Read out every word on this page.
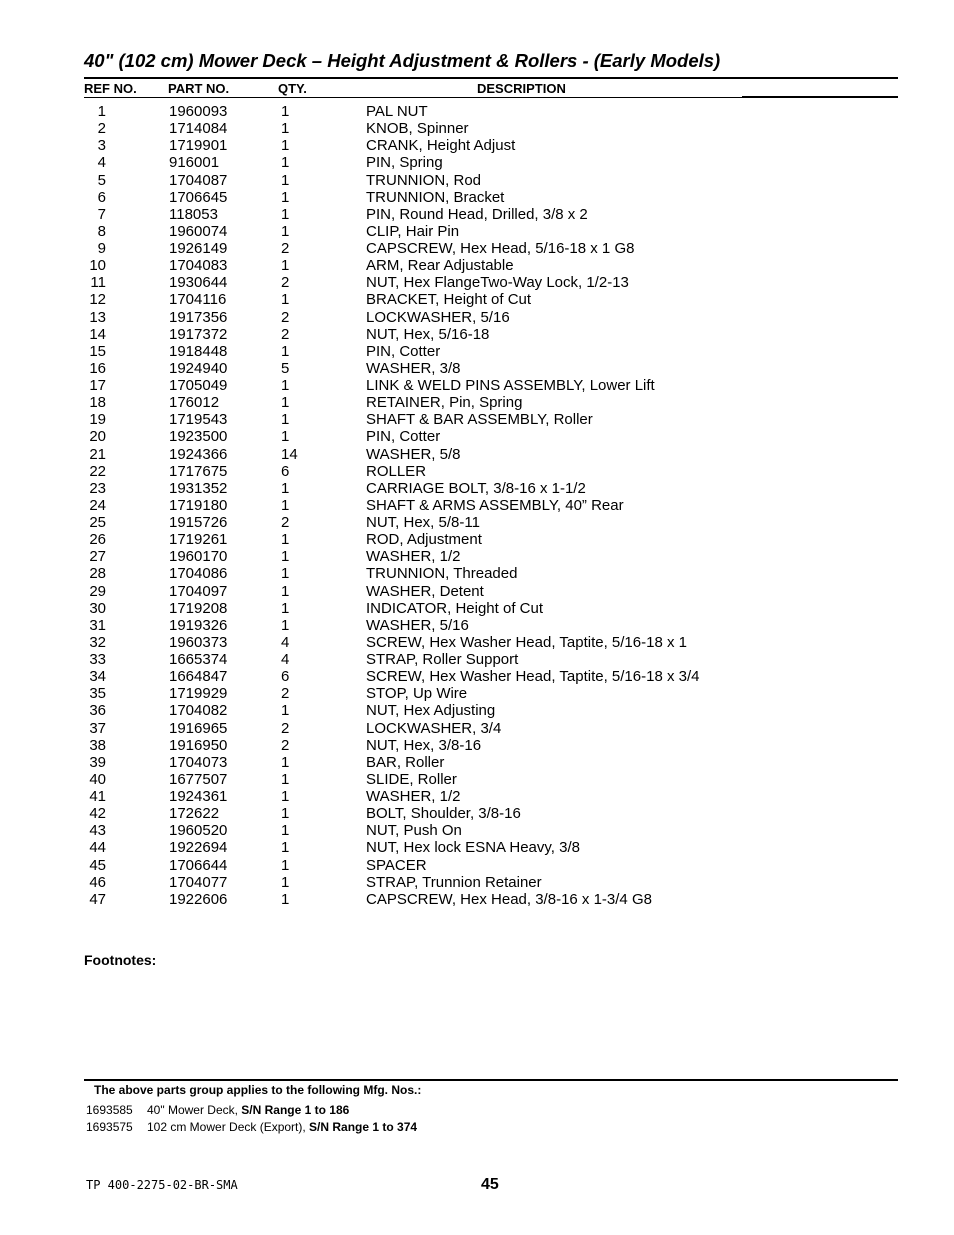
40" (102 cm) Mower Deck – Height Adjustment & Rollers - (Early Models)
REF NO. PART NO.	QTY.	DESCRIPTION
1	1960093	1	PAL NUT
2	1714084	1	KNOB, Spinner
3	1719901	1	CRANK, Height Adjust
4	916001	1	PIN, Spring
5	1704087	1	TRUNNION, Rod
6	1706645	1	TRUNNION, Bracket
7	118053	1	PIN, Round Head, Drilled, 3/8 x 2
8	1960074	1	CLIP, Hair Pin
9	1926149	2	CAPSCREW, Hex Head, 5/16-18 x 1 G8
10	1704083	1	ARM, Rear Adjustable
11	1930644	2	NUT, Hex FlangeTwo-Way Lock, 1/2-13
12	1704116	1	BRACKET, Height of Cut
13	1917356	2	LOCKWASHER, 5/16
14	1917372	2	NUT, Hex, 5/16-18
15	1918448	1	PIN, Cotter
16	1924940	5	WASHER, 3/8
17	1705049	1	LINK & WELD PINS ASSEMBLY, Lower Lift
18	176012	1	RETAINER, Pin, Spring
19	1719543	1	SHAFT & BAR ASSEMBLY, Roller
20	1923500	1	PIN, Cotter
21	1924366	14	WASHER, 5/8
22	1717675	6	ROLLER
23	1931352	1	CARRIAGE BOLT, 3/8-16 x 1-1/2
24	1719180	1	SHAFT & ARMS ASSEMBLY, 40” Rear
25	1915726	2	NUT, Hex, 5/8-11
26	1719261	1	ROD, Adjustment
27	1960170	1	WASHER, 1/2
28	1704086	1	TRUNNION, Threaded
29	1704097	1	WASHER, Detent
30	1719208	1	INDICATOR, Height of Cut
31	1919326	1	WASHER, 5/16
32	1960373	4	SCREW, Hex Washer Head, Taptite, 5/16-18 x 1
33	1665374	4	STRAP, Roller Support
34	1664847	6	SCREW, Hex Washer Head, Taptite, 5/16-18 x 3/4
35	1719929	2	STOP, Up Wire
36	1704082	1	NUT, Hex Adjusting
37	1916965	2	LOCKWASHER, 3/4
38	1916950	2	NUT, Hex, 3/8-16
39	1704073	1	BAR, Roller
40	1677507	1	SLIDE, Roller
41	1924361	1	WASHER, 1/2
42	172622	1	BOLT, Shoulder, 3/8-16
43	1960520	1	NUT, Push On
44	1922694	1	NUT, Hex lock ESNA Heavy, 3/8
45	1706644	1	SPACER
46	1704077	1	STRAP, Trunnion Retainer
47	1922606	1	CAPSCREW, Hex Head, 3/8-16 x 1-3/4 G8
Footnotes:
The above parts group applies to the following Mfg. Nos.:
1693585 40" Mower Deck, S/N Range 1 to 186
1693575 102 cm Mower Deck (Export), S/N Range 1 to 374
TP 400-2275-02-BR-SMA	45
